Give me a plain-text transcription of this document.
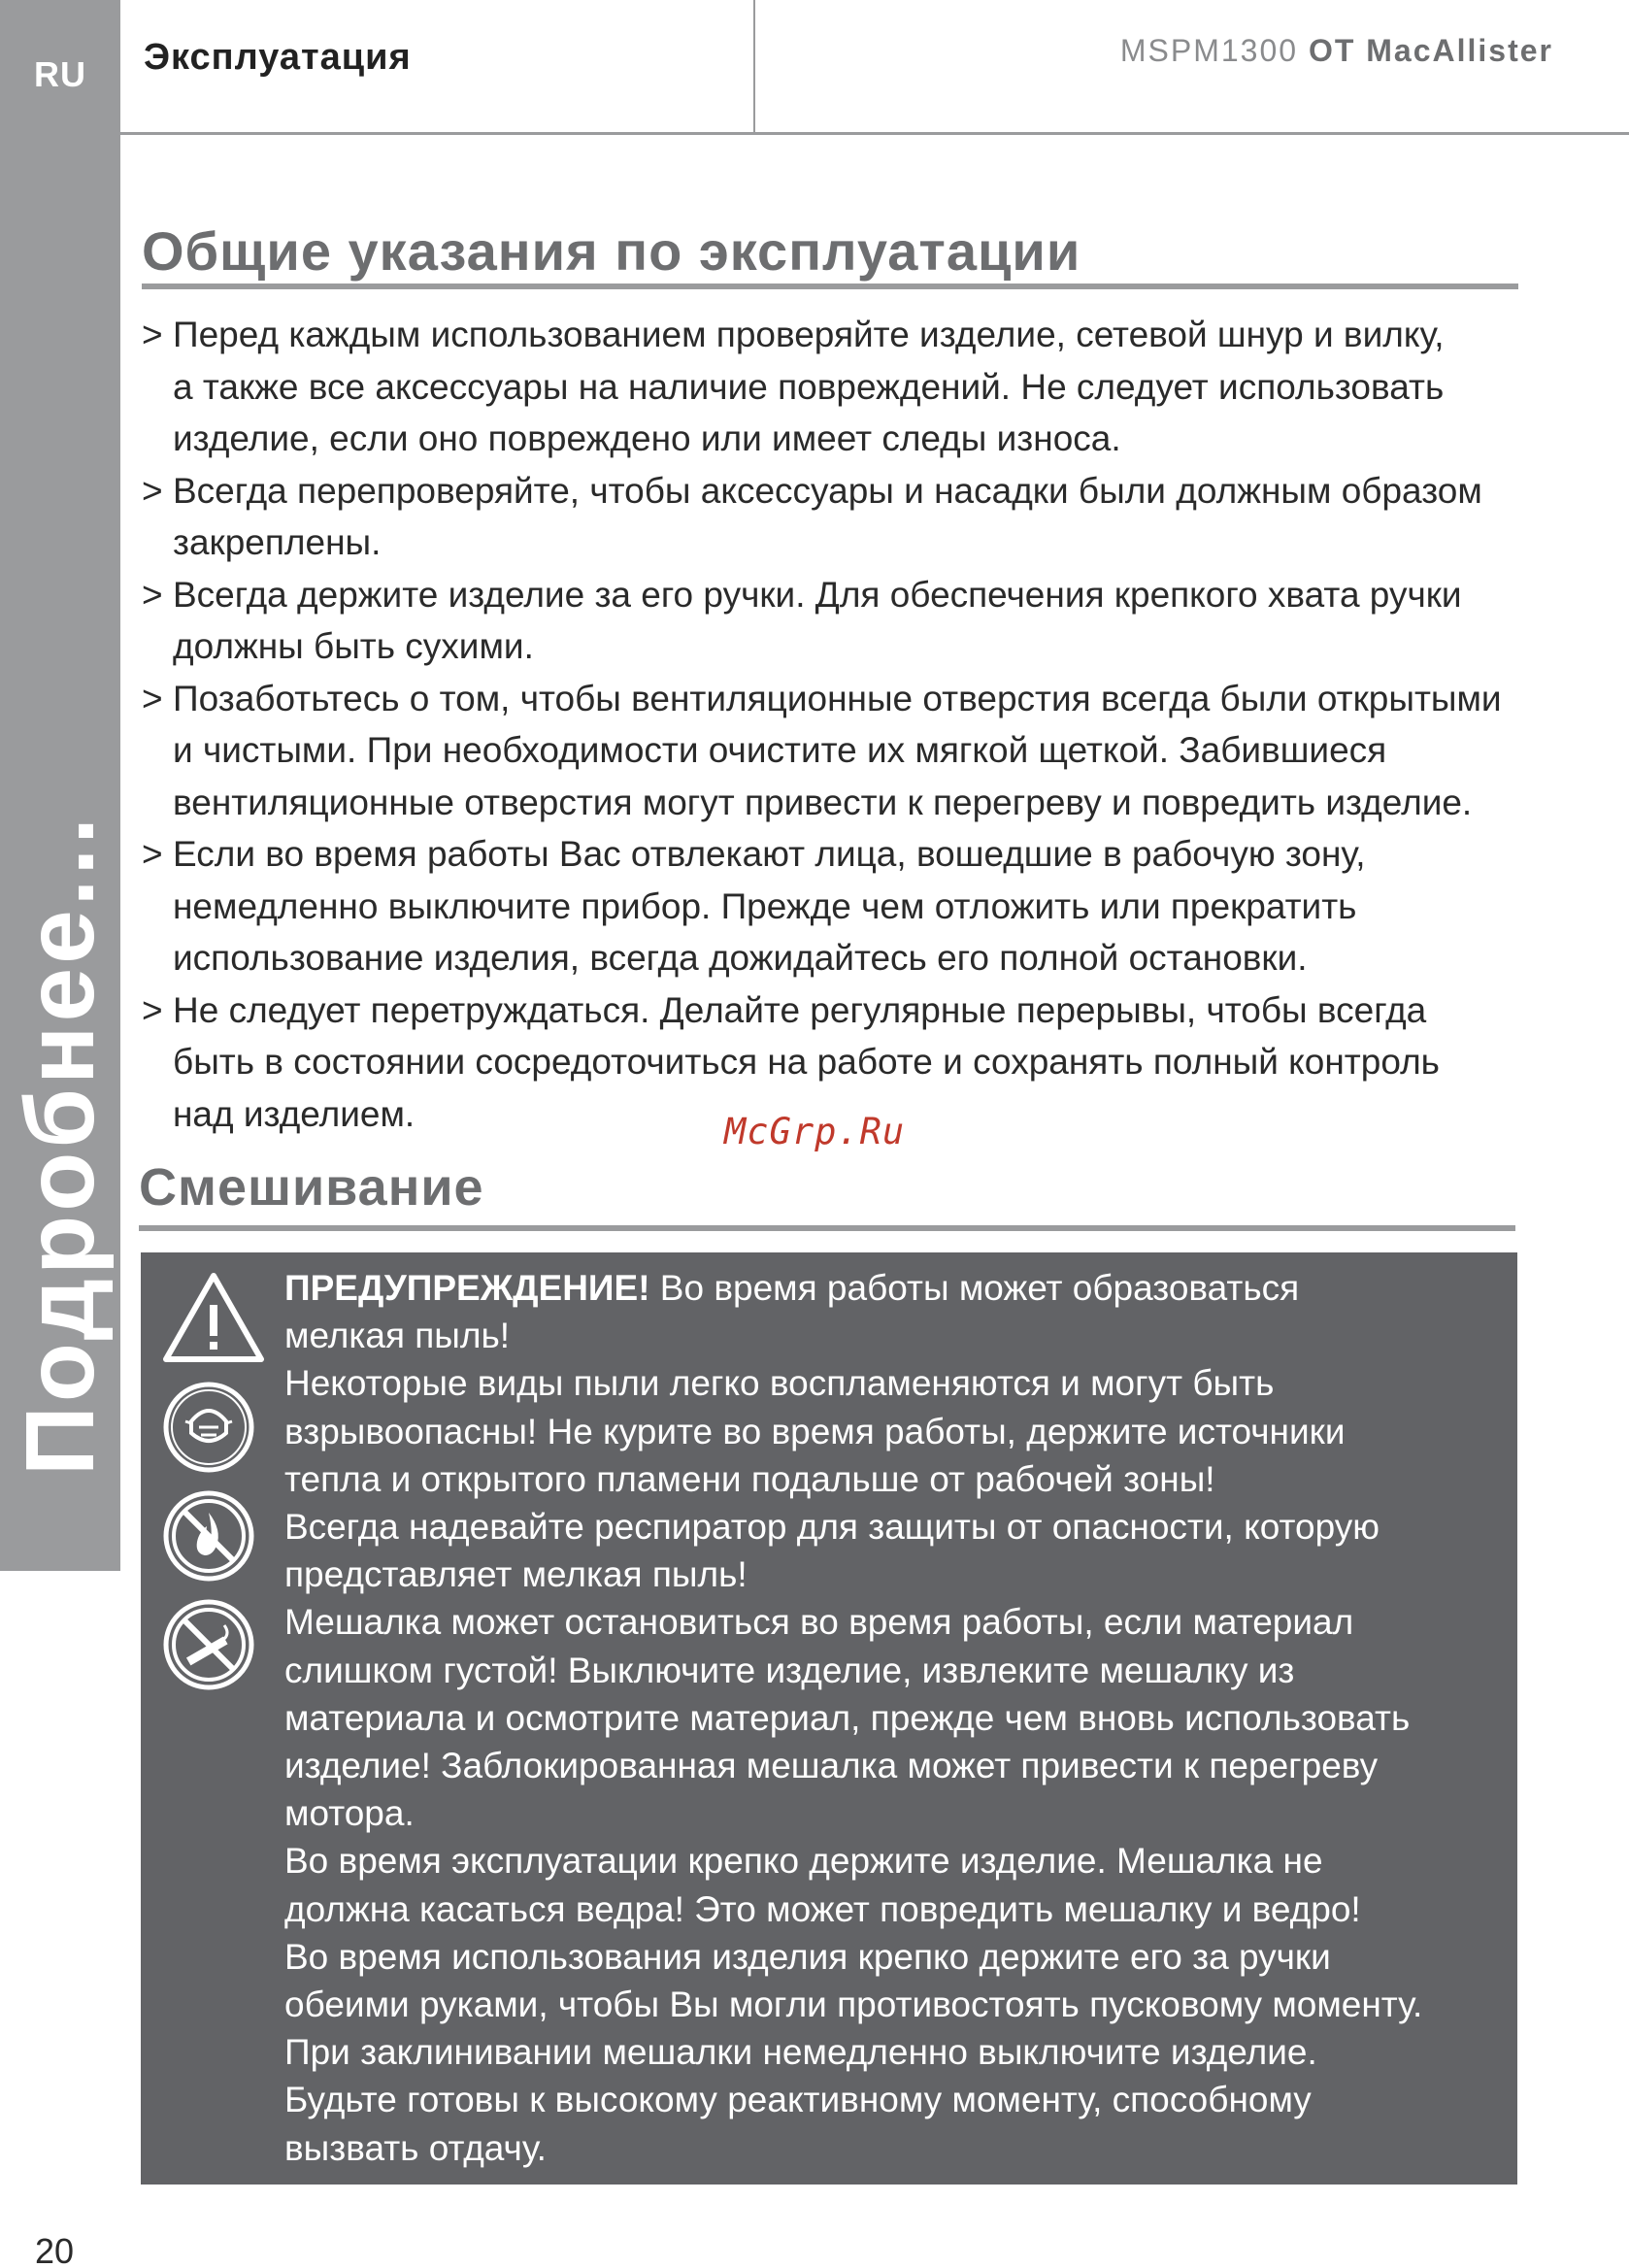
RU
Подробнее...
Эксплуатация	MSPM1300 ОТ MacAllister
Общие указания по эксплуатации
> Перед каждым использованием проверяйте изделие, сетевой шнур и вилку,
а также все аксессуары на наличие повреждений. Не следует использовать
изделие, если оно повреждено или имеет следы износа.
> Всегда перепроверяйте, чтобы аксессуары и насадки были должным образом
закреплены.
> Всегда держите изделие за его ручки. Для обеспечения крепкого хвата ручки
должны быть сухими.
> Позаботьтесь о том, чтобы вентиляционные отверстия всегда были открытыми
и чистыми. При необходимости очистите их мягкой щеткой. Забившиеся
вентиляционные отверстия могут привести к перегреву и повредить изделие.
> Если во время работы Вас отвлекают лица, вошедшие в рабочую зону,
немедленно выключите прибор. Прежде чем отложить или прекратить
использование изделия, всегда дожидайтесь его полной остановки.
> Не следует перетруждаться. Делайте регулярные перерывы, чтобы всегда
быть в состоянии сосредоточиться на работе и сохранять полный контроль
над изделием.	McGrp.Ru
Смешивание

ПРЕДУПРЕЖДЕНИЕ! Во время работы может образоваться

мелкая пыль!

Некоторые виды пыли легко воспламеняются и могут быть

взрывоопасны! Не курите во время работы, держите источники

тепла и открытого пламени подальше от рабочей зоны!

Всегда надевайте респиратор для защиты от опасности, которую

представляет мелкая пыль!

Мешалка может остановиться во время работы, если материал

слишком густой! Выключите изделие, извлеките мешалку из

материала и осмотрите материал, прежде чем вновь использовать

изделие! Заблокированная мешалка может привести к перегреву

мотора.

Во время эксплуатации крепко держите изделие. Мешалка не

должна касаться ведра! Это может повредить мешалку и ведро!

Во время использования изделия крепко держите его за ручки

обеими руками, чтобы Вы могли противостоять пусковому моменту.

При заклинивании мешалки немедленно выключите изделие.

Будьте готовы к высокому реактивному моменту, способному

вызвать отдачу.

20
